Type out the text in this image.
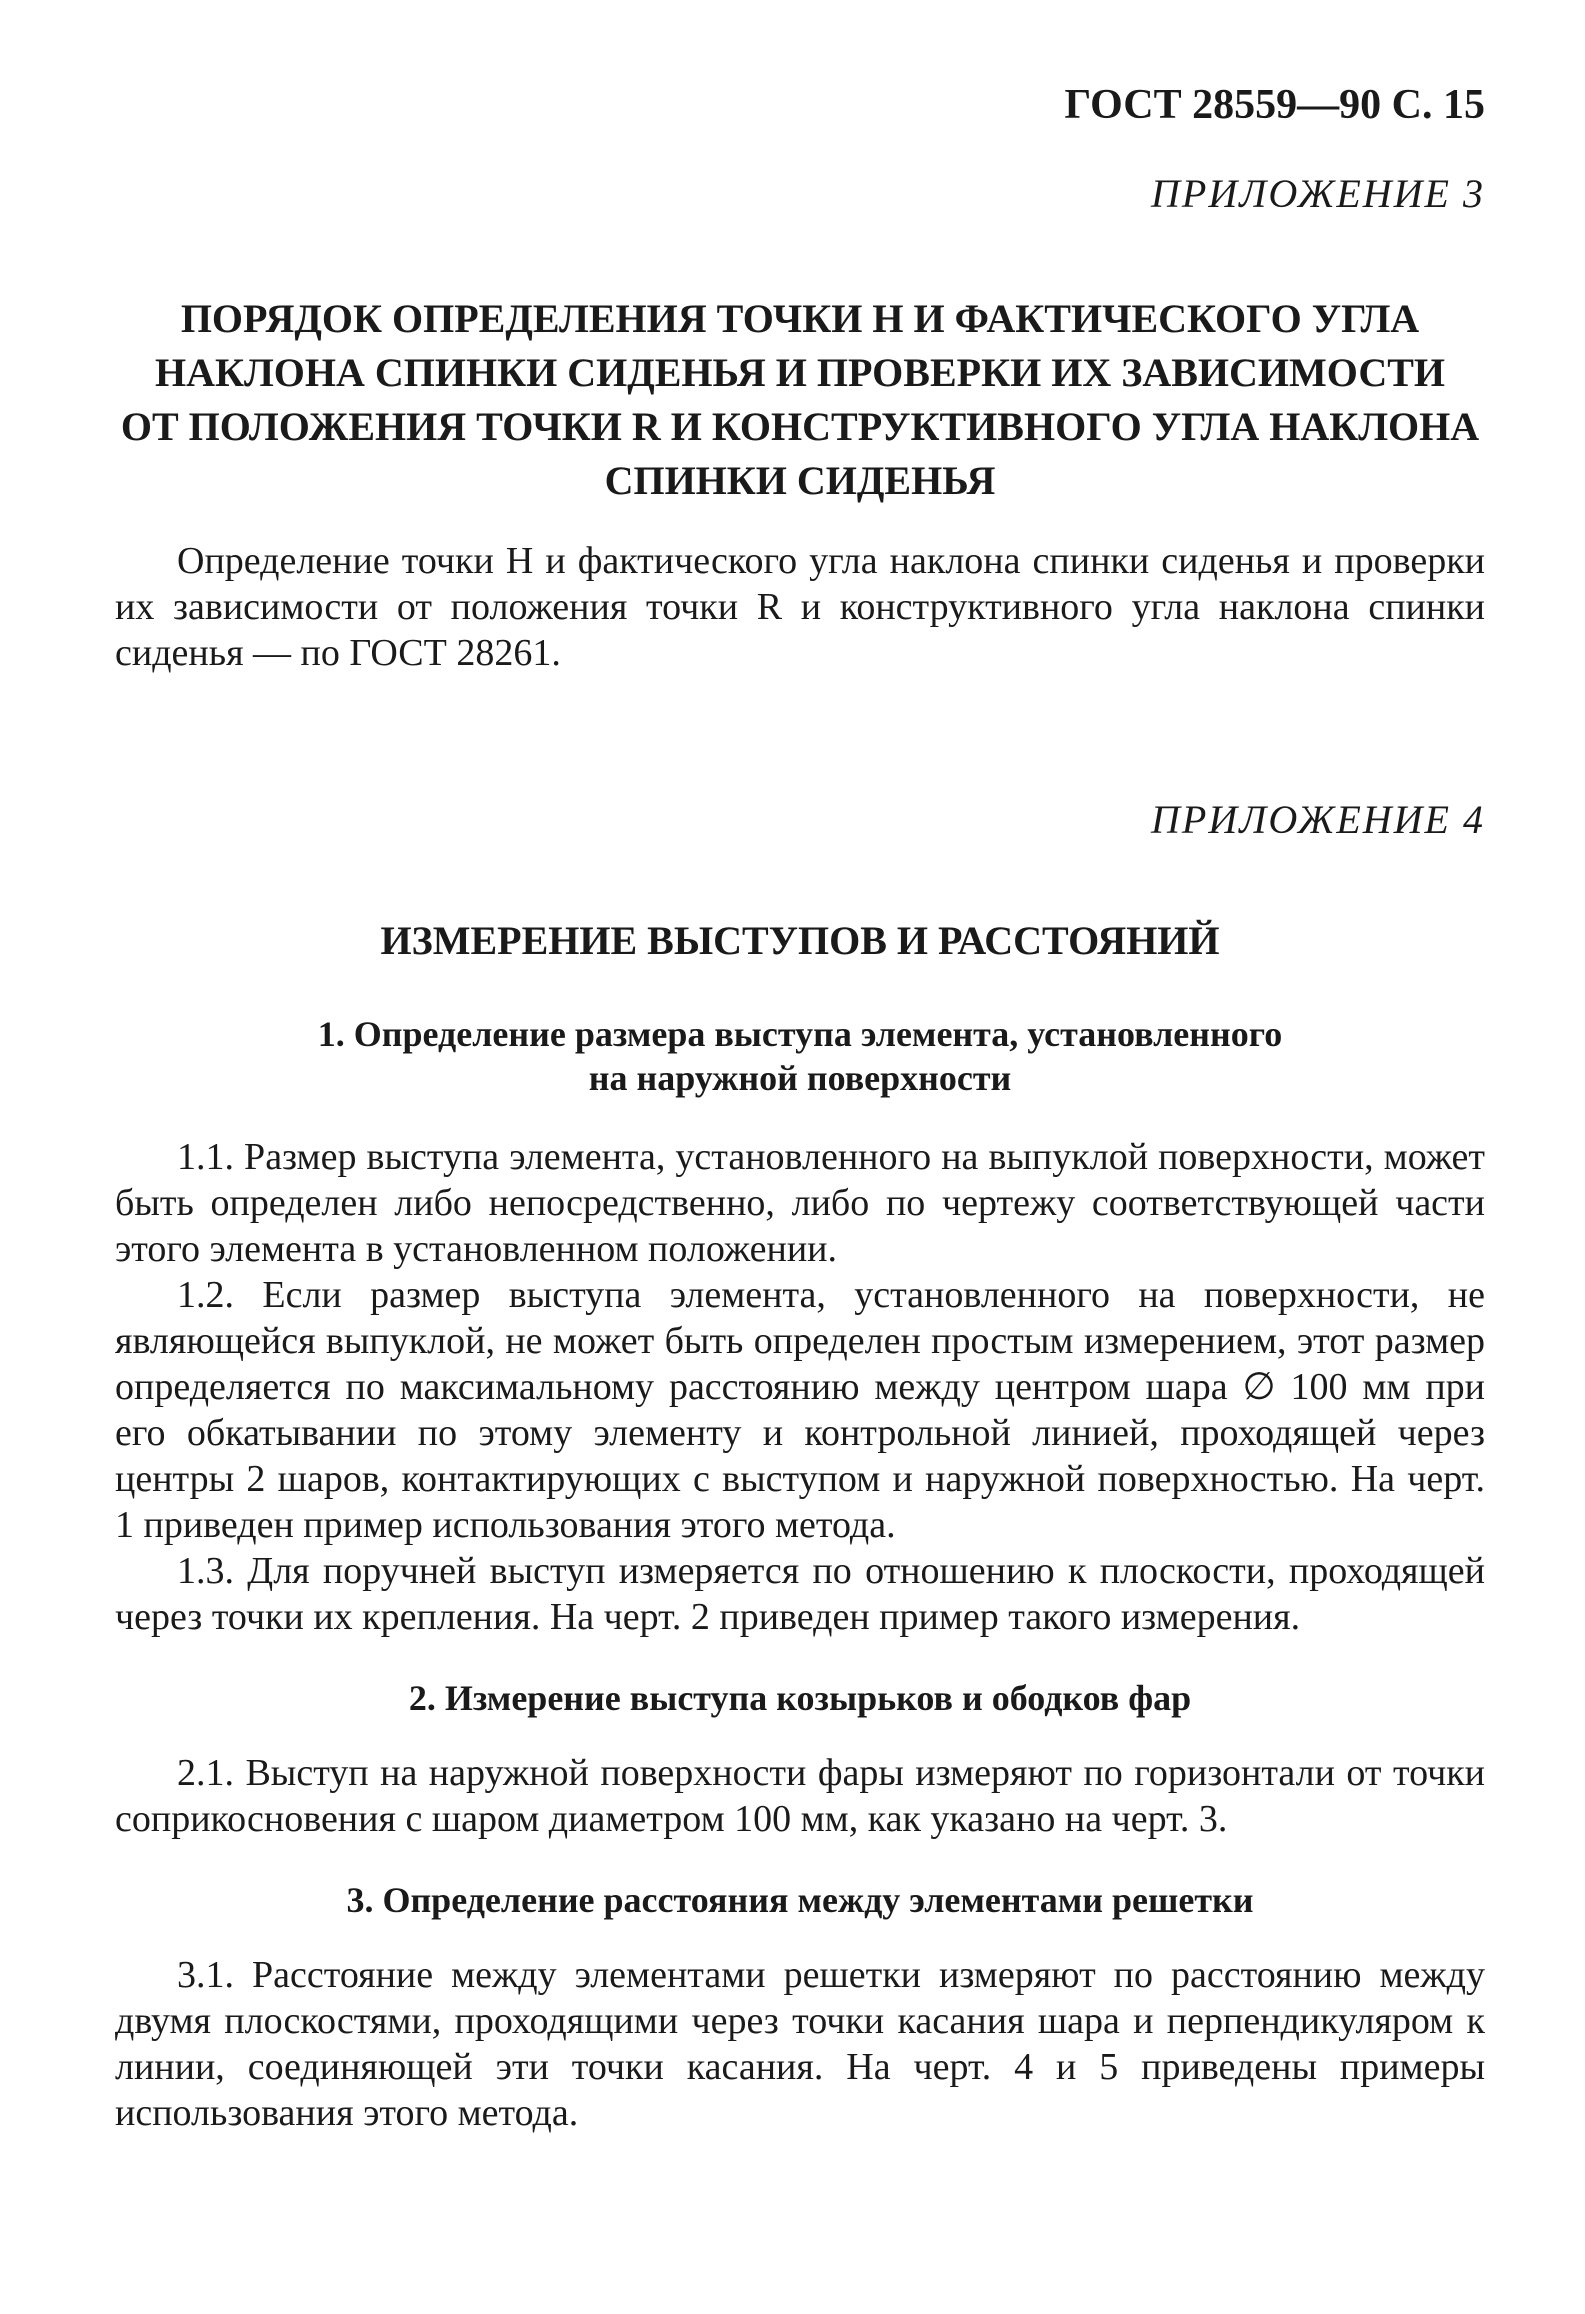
ГОСТ 28559—90 С. 15

ПРИЛОЖЕНИЕ 3

ПОРЯДОК ОПРЕДЕЛЕНИЯ ТОЧКИ H И ФАКТИЧЕСКОГО УГЛА
НАКЛОНА СПИНКИ СИДЕНЬЯ И ПРОВЕРКИ ИХ ЗАВИСИМОСТИ
ОТ ПОЛОЖЕНИЯ ТОЧКИ R И КОНСТРУКТИВНОГО УГЛА НАКЛОНА
СПИНКИ СИДЕНЬЯ

Определение точки H и фактического угла наклона спинки сиденья и проверки их зависимости от положения точки R и конструктивного угла наклона спинки сиденья — по ГОСТ 28261.

ПРИЛОЖЕНИЕ 4

ИЗМЕРЕНИЕ ВЫСТУПОВ И РАССТОЯНИЙ
1. Определение размера выступа элемента, установленного
на наружной поверхности

1.1. Размер выступа элемента, установленного на выпуклой поверхности, может быть определен либо непосредственно, либо по чертежу соответствующей части этого элемента в установленном положении.

1.2. Если размер выступа элемента, установленного на поверхности, не являющейся выпуклой, не может быть определен простым измерением, этот размер определяется по максимальному расстоянию между центром шара ∅ 100 мм при его обкатывании по этому элементу и контрольной линией, проходящей через центры 2 шаров, контактирующих с выступом и наружной поверхностью. На черт. 1 приведен пример использования этого метода.

1.3. Для поручней выступ измеряется по отношению к плоскости, проходящей через точки их крепления. На черт. 2 приведен пример такого измерения.

2. Измерение выступа козырьков и ободков фар

2.1. Выступ на наружной поверхности фары измеряют по горизонтали от точки соприкосновения с шаром диаметром 100 мм, как указано на черт. 3.

3. Определение расстояния между элементами решетки

3.1. Расстояние между элементами решетки измеряют по расстоянию между двумя плоскостями, проходящими через точки касания шара и перпендикуляром к линии, соединяющей эти точки касания. На черт. 4 и 5 приведены примеры использования этого метода.
